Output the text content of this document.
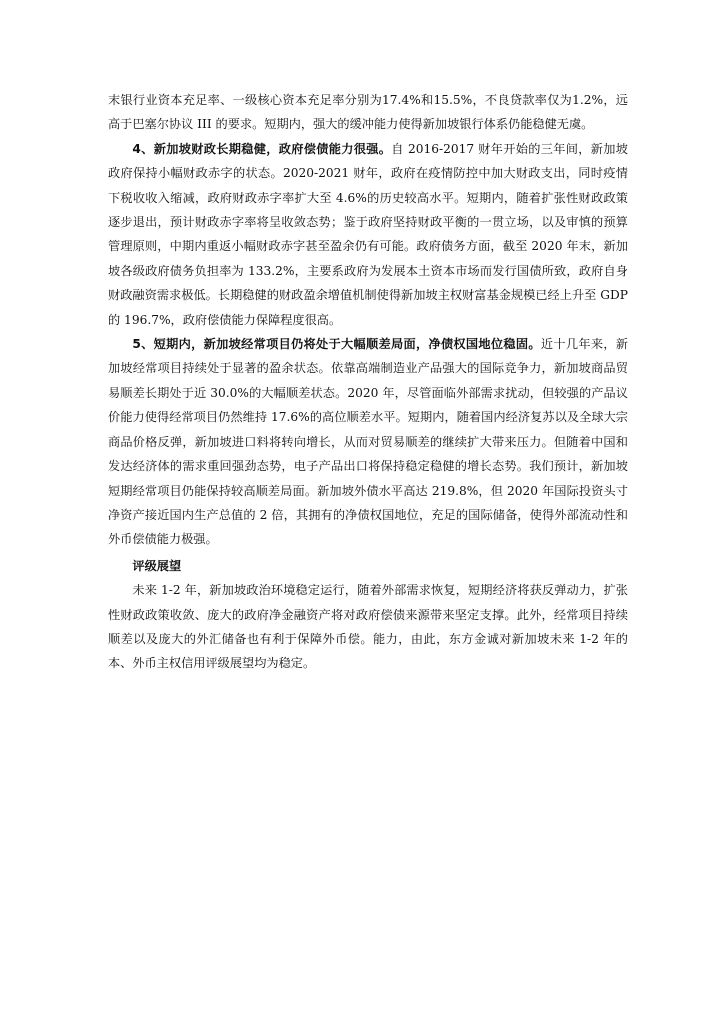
末银行业资本充足率、一级核心资本充足率分别为17.4%和15.5%，不良贷款率仅为1.2%，远高于巴塞尔协议 III 的要求。短期内，强大的缓冲能力使得新加坡银行体系仍能稳健无虞。

4、新加坡财政长期稳健，政府偿债能力很强。自 2016-2017 财年开始的三年间，新加坡政府保持小幅财政赤字的状态。2020-2021 财年，政府在疫情防控中加大财政支出，同时疫情下税收收入缩减，政府财政赤字率扩大至 4.6%的历史较高水平。短期内，随着扩张性财政政策逐步退出，预计财政赤字率将呈收敛态势；鉴于政府坚持财政平衡的一贯立场，以及审慎的预算管理原则，中期内重返小幅财政赤字甚至盈余仍有可能。政府债务方面，截至 2020 年末，新加坡各级政府债务负担率为 133.2%，主要系政府为发展本土资本市场而发行国债所致，政府自身财政融资需求极低。长期稳健的财政盈余增值机制使得新加坡主权财富基金规模已经上升至 GDP 的 196.7%，政府偿债能力保障程度很高。

5、短期内，新加坡经常项目仍将处于大幅顺差局面，净债权国地位稳固。近十几年来，新加坡经常项目持续处于显著的盈余状态。依靠高端制造业产品强大的国际竞争力，新加坡商品贸易顺差长期处于近 30.0%的大幅顺差状态。2020 年，尽管面临外部需求扰动，但较强的产品议价能力使得经常项目仍然维持 17.6%的高位顺差水平。短期内，随着国内经济复苏以及全球大宗商品价格反弹，新加坡进口料将转向增长，从而对贸易顺差的继续扩大带来压力。但随着中国和发达经济体的需求重回强劲态势，电子产品出口将保持稳定稳健的增长态势。我们预计，新加坡短期经常项目仍能保持较高顺差局面。新加坡外债水平高达 219.8%，但 2020 年国际投资头寸净资产接近国内生产总值的 2 倍，其拥有的净债权国地位，充足的国际储备，使得外部流动性和外币偿债能力极强。

评级展望

未来 1-2 年，新加坡政治环境稳定运行，随着外部需求恢复，短期经济将获反弹动力，扩张性财政政策收敛、庞大的政府净金融资产将对政府偿债来源带来坚定支撑。此外，经常项目持续顺差以及庞大的外汇储备也有利于保障外币偿。能力，由此，东方金诚对新加坡未来 1-2 年的本、外币主权信用评级展望均为稳定。
